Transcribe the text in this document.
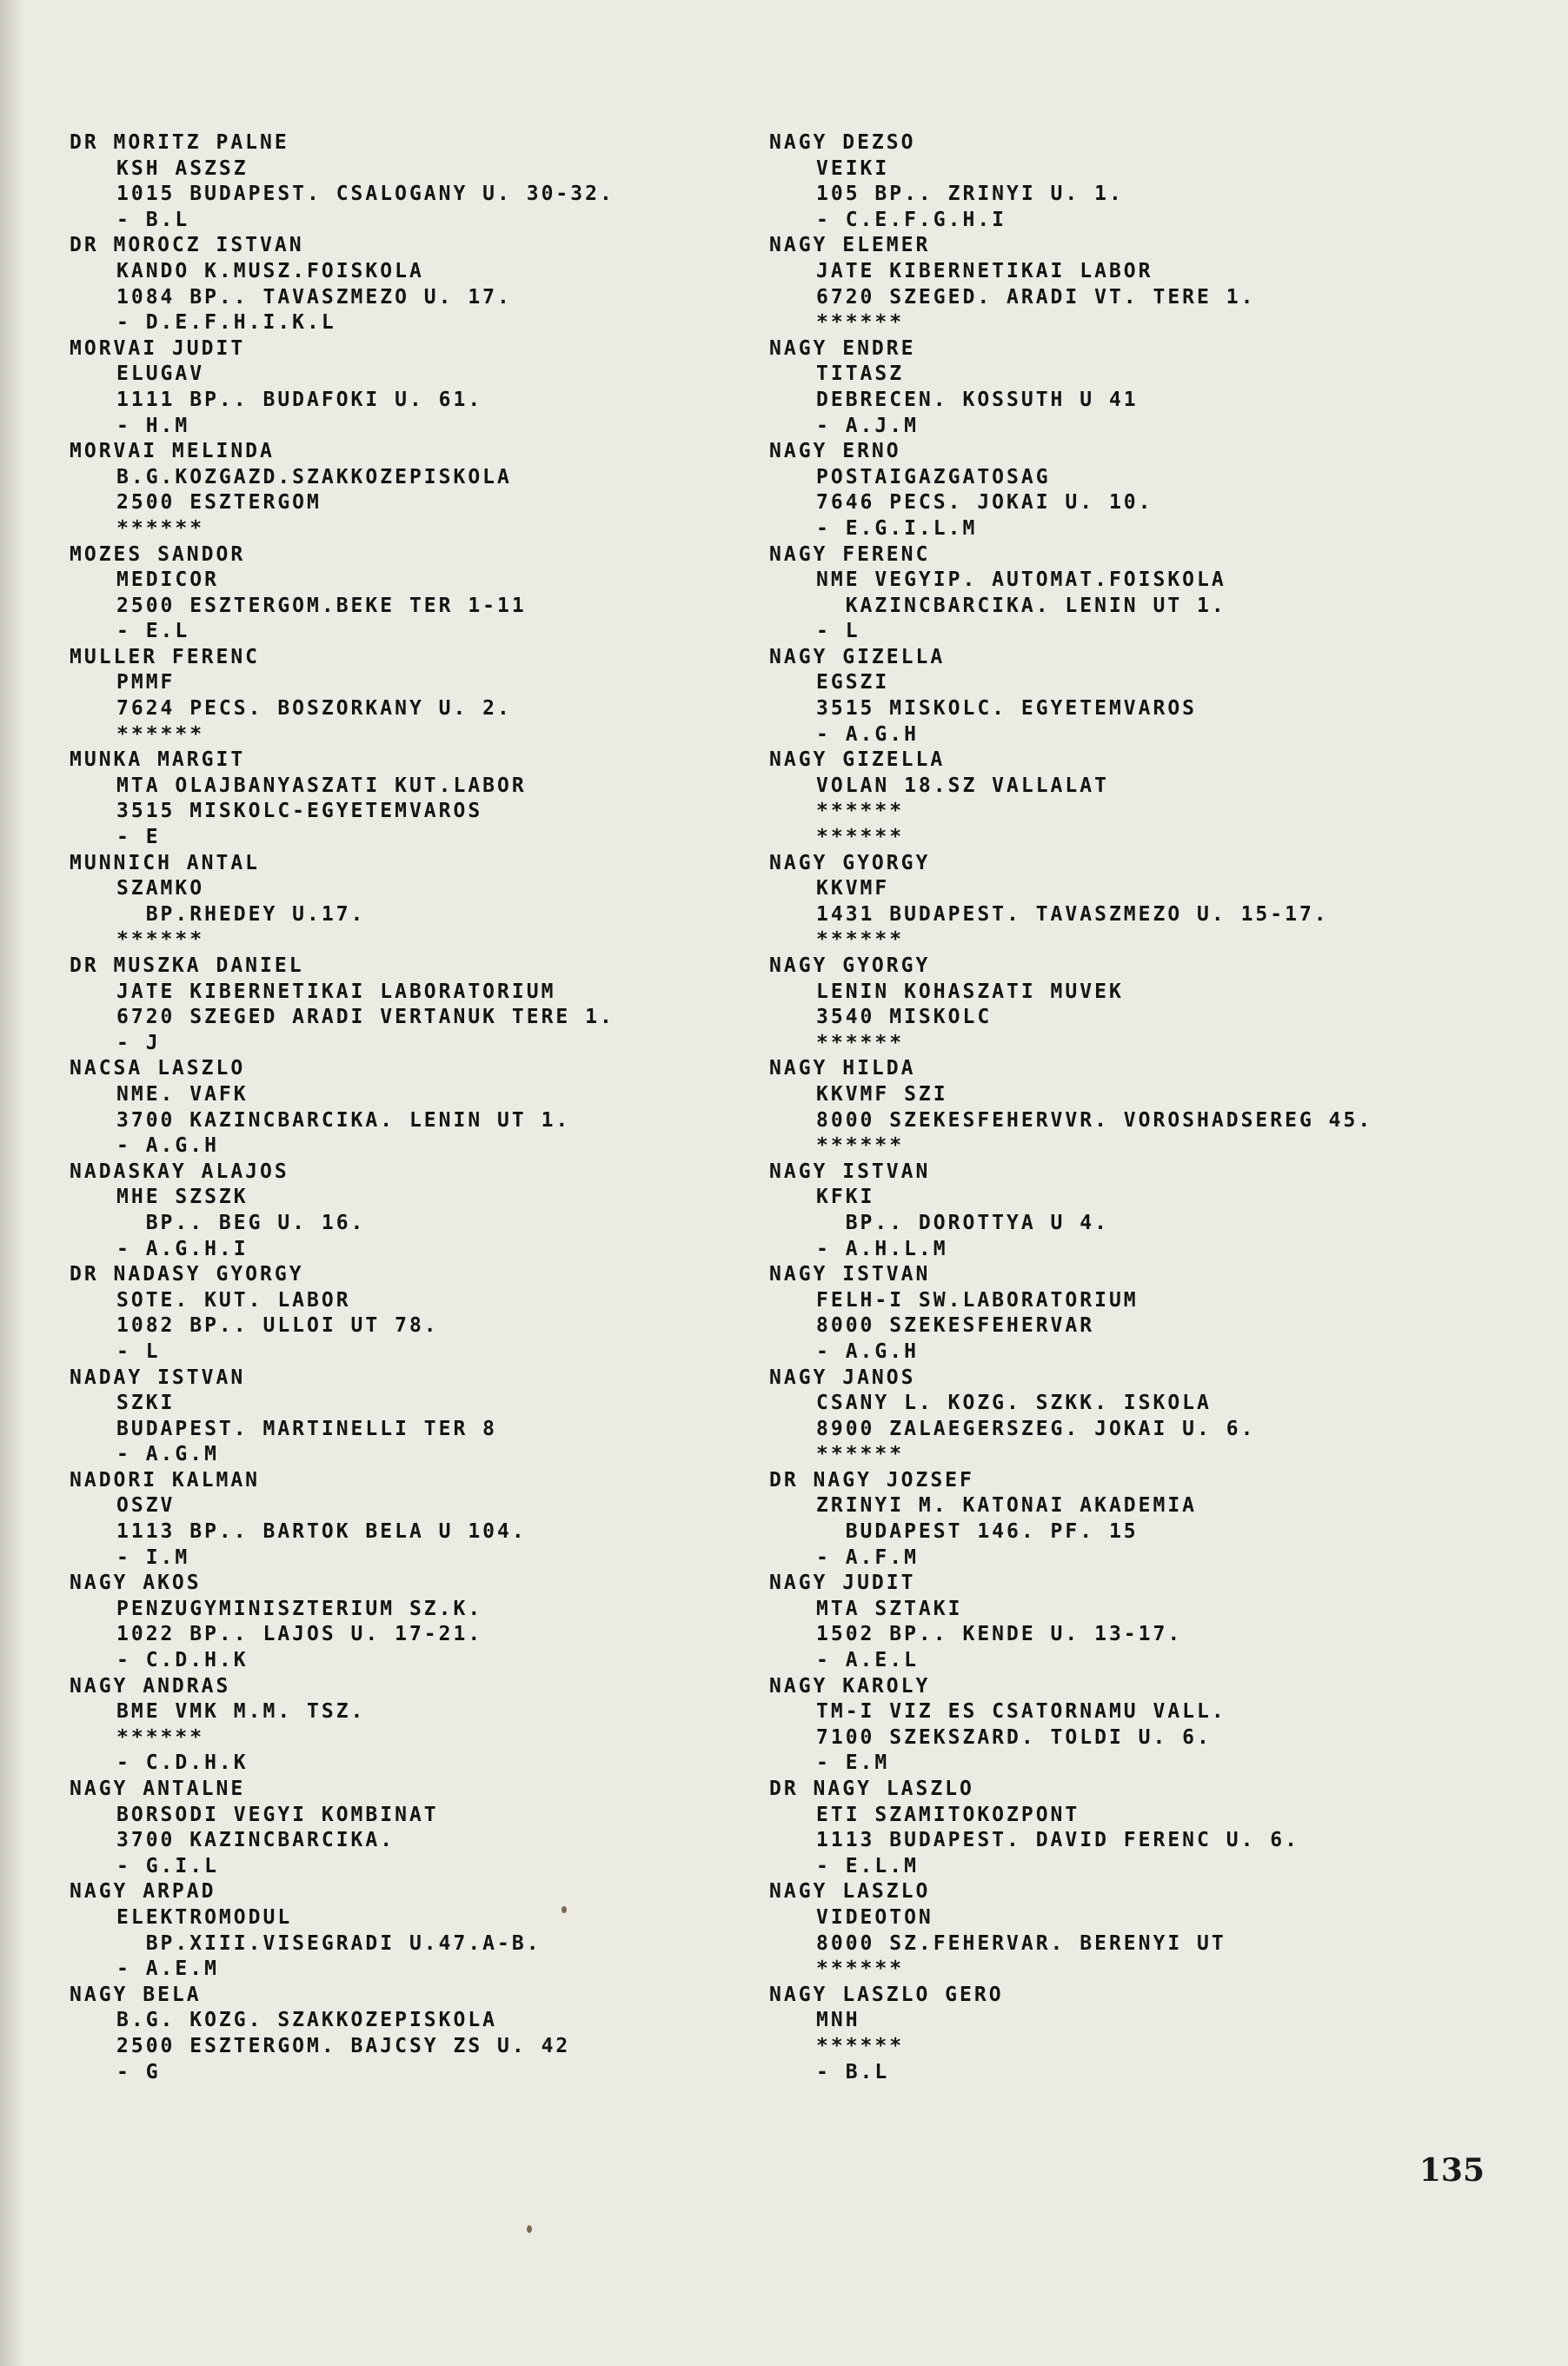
DR MORITZ PALNE
KSH ASZSZ
1015 BUDAPEST. CSALOGANY U. 30-32.
- B.L
DR MOROCZ ISTVAN
KANDO K.MUSZ.FOISKOLA
1084 BP.. TAVASZMEZO U. 17.
- D.E.F.H.I.K.L
MORVAI JUDIT
ELUGAV
1111 BP.. BUDAFOKI U. 61.
- H.M
MORVAI MELINDA
B.G.KOZGAZD.SZAKKOZEPISKOLA
2500 ESZTERGOM
******
MOZES SANDOR
MEDICOR
2500 ESZTERGOM.BEKE TER 1-11
- E.L
MULLER FERENC
PMMF
7624 PECS. BOSZORKANY U. 2.
******
MUNKA MARGIT
MTA OLAJBANYASZATI KUT.LABOR
3515 MISKOLC-EGYETEMVAROS
- E
MUNNICH ANTAL
SZAMKO
BP.RHEDEY U.17.
******
DR MUSZKA DANIEL
JATE KIBERNETIKAI LABORATORIUM
6720 SZEGED ARADI VERTANUK TERE 1.
- J
NACSA LASZLO
NME. VAFK
3700 KAZINCBARCIKA. LENIN UT 1.
- A.G.H
NADASKAY ALAJOS
MHE SZSZK
BP.. BEG U. 16.
- A.G.H.I
DR NADASY GYORGY
SOTE. KUT. LABOR
1082 BP.. ULLOI UT 78.
- L
NADAY ISTVAN
SZKI
BUDAPEST. MARTINELLI TER 8
- A.G.M
NADORI KALMAN
OSZV
1113 BP.. BARTOK BELA U 104.
- I.M
NAGY AKOS
PENZUGYMINISZTERIUM SZ.K.
1022 BP.. LAJOS U. 17-21.
- C.D.H.K
NAGY ANDRAS
BME VMK M.M. TSZ.
******
- C.D.H.K
NAGY ANTALNE
BORSODI VEGYI KOMBINAT
3700 KAZINCBARCIKA.
- G.I.L
NAGY ARPAD
ELEKTROMODUL
BP.XIII.VISEGRADI U.47.A-B.
- A.E.M
NAGY BELA
B.G. KOZG. SZAKKOZEPISKOLA
2500 ESZTERGOM. BAJCSY ZS U. 42
- G
NAGY DEZSO
VEIKI
105 BP.. ZRINYI U. 1.
- C.E.F.G.H.I
NAGY ELEMER
JATE KIBERNETIKAI LABOR
6720 SZEGED. ARADI VT. TERE 1.
******
NAGY ENDRE
TITASZ
DEBRECEN. KOSSUTH U 41
- A.J.M
NAGY ERNO
POSTAIGAZGATOSAG
7646 PECS. JOKAI U. 10.
- E.G.I.L.M
NAGY FERENC
NME VEGYIP. AUTOMAT.FOISKOLA
KAZINCBARCIKA. LENIN UT 1.
- L
NAGY GIZELLA
EGSZI
3515 MISKOLC. EGYETEMVAROS
- A.G.H
NAGY GIZELLA
VOLAN 18.SZ VALLALAT
******
******
NAGY GYORGY
KKVMF
1431 BUDAPEST. TAVASZMEZO U. 15-17.
******
NAGY GYORGY
LENIN KOHASZATI MUVEK
3540 MISKOLC
******
NAGY HILDA
KKVMF SZI
8000 SZEKESFEHERVVR. VOROSHADSEREG 45.
******
NAGY ISTVAN
KFKI
BP.. DOROTTYA U 4.
- A.H.L.M
NAGY ISTVAN
FELH-I SW.LABORATORIUM
8000 SZEKESFEHERVAR
- A.G.H
NAGY JANOS
CSANY L. KOZG. SZKK. ISKOLA
8900 ZALAEGERSZEG. JOKAI U. 6.
******
DR NAGY JOZSEF
ZRINYI M. KATONAI AKADEMIA
BUDAPEST 146. PF. 15
- A.F.M
NAGY JUDIT
MTA SZTAKI
1502 BP.. KENDE U. 13-17.
- A.E.L
NAGY KAROLY
TM-I VIZ ES CSATORNAMU VALL.
7100 SZEKSZARD. TOLDI U. 6.
- E.M
DR NAGY LASZLO
ETI SZAMITOKOZPONT
1113 BUDAPEST. DAVID FERENC U. 6.
- E.L.M
NAGY LASZLO
VIDEOTON
8000 SZ.FEHERVAR. BERENYI UT
******
NAGY LASZLO GERO
MNH
******
- B.L
135
